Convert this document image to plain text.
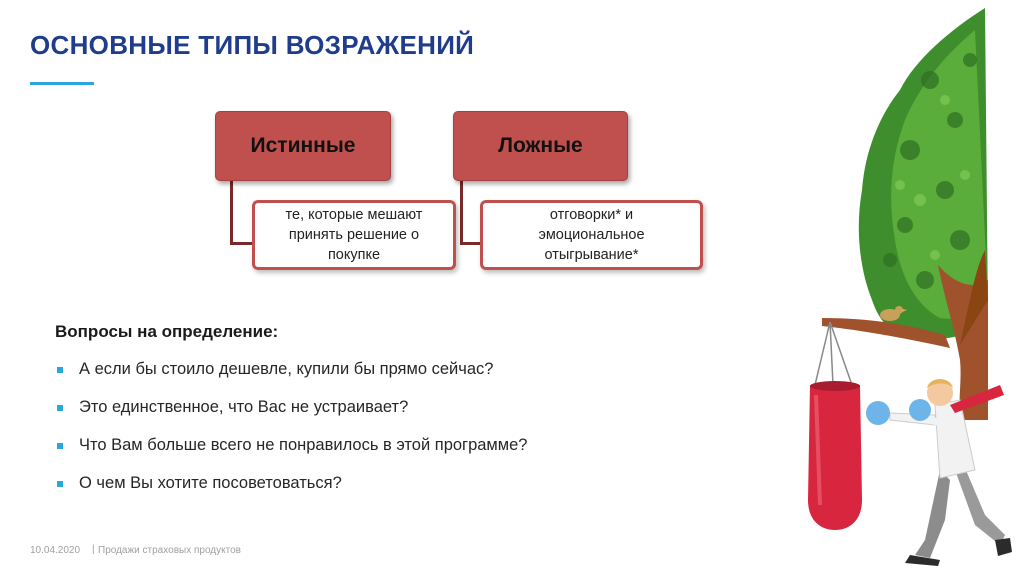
ОСНОВНЫЕ ТИПЫ ВОЗРАЖЕНИЙ
Истинные	Ложные
те, которые мешают принять решение о покупке
отговорки* и эмоциональное отыгрывание*
Вопросы на определение:
А если бы стоило дешевле, купили бы прямо сейчас?
Это единственное, что Вас не устраивает?
Что Вам больше всего не понравилось в этой программе?
О чем Вы хотите посоветоваться?
10.04.2020 | Продажи страховых продуктов
